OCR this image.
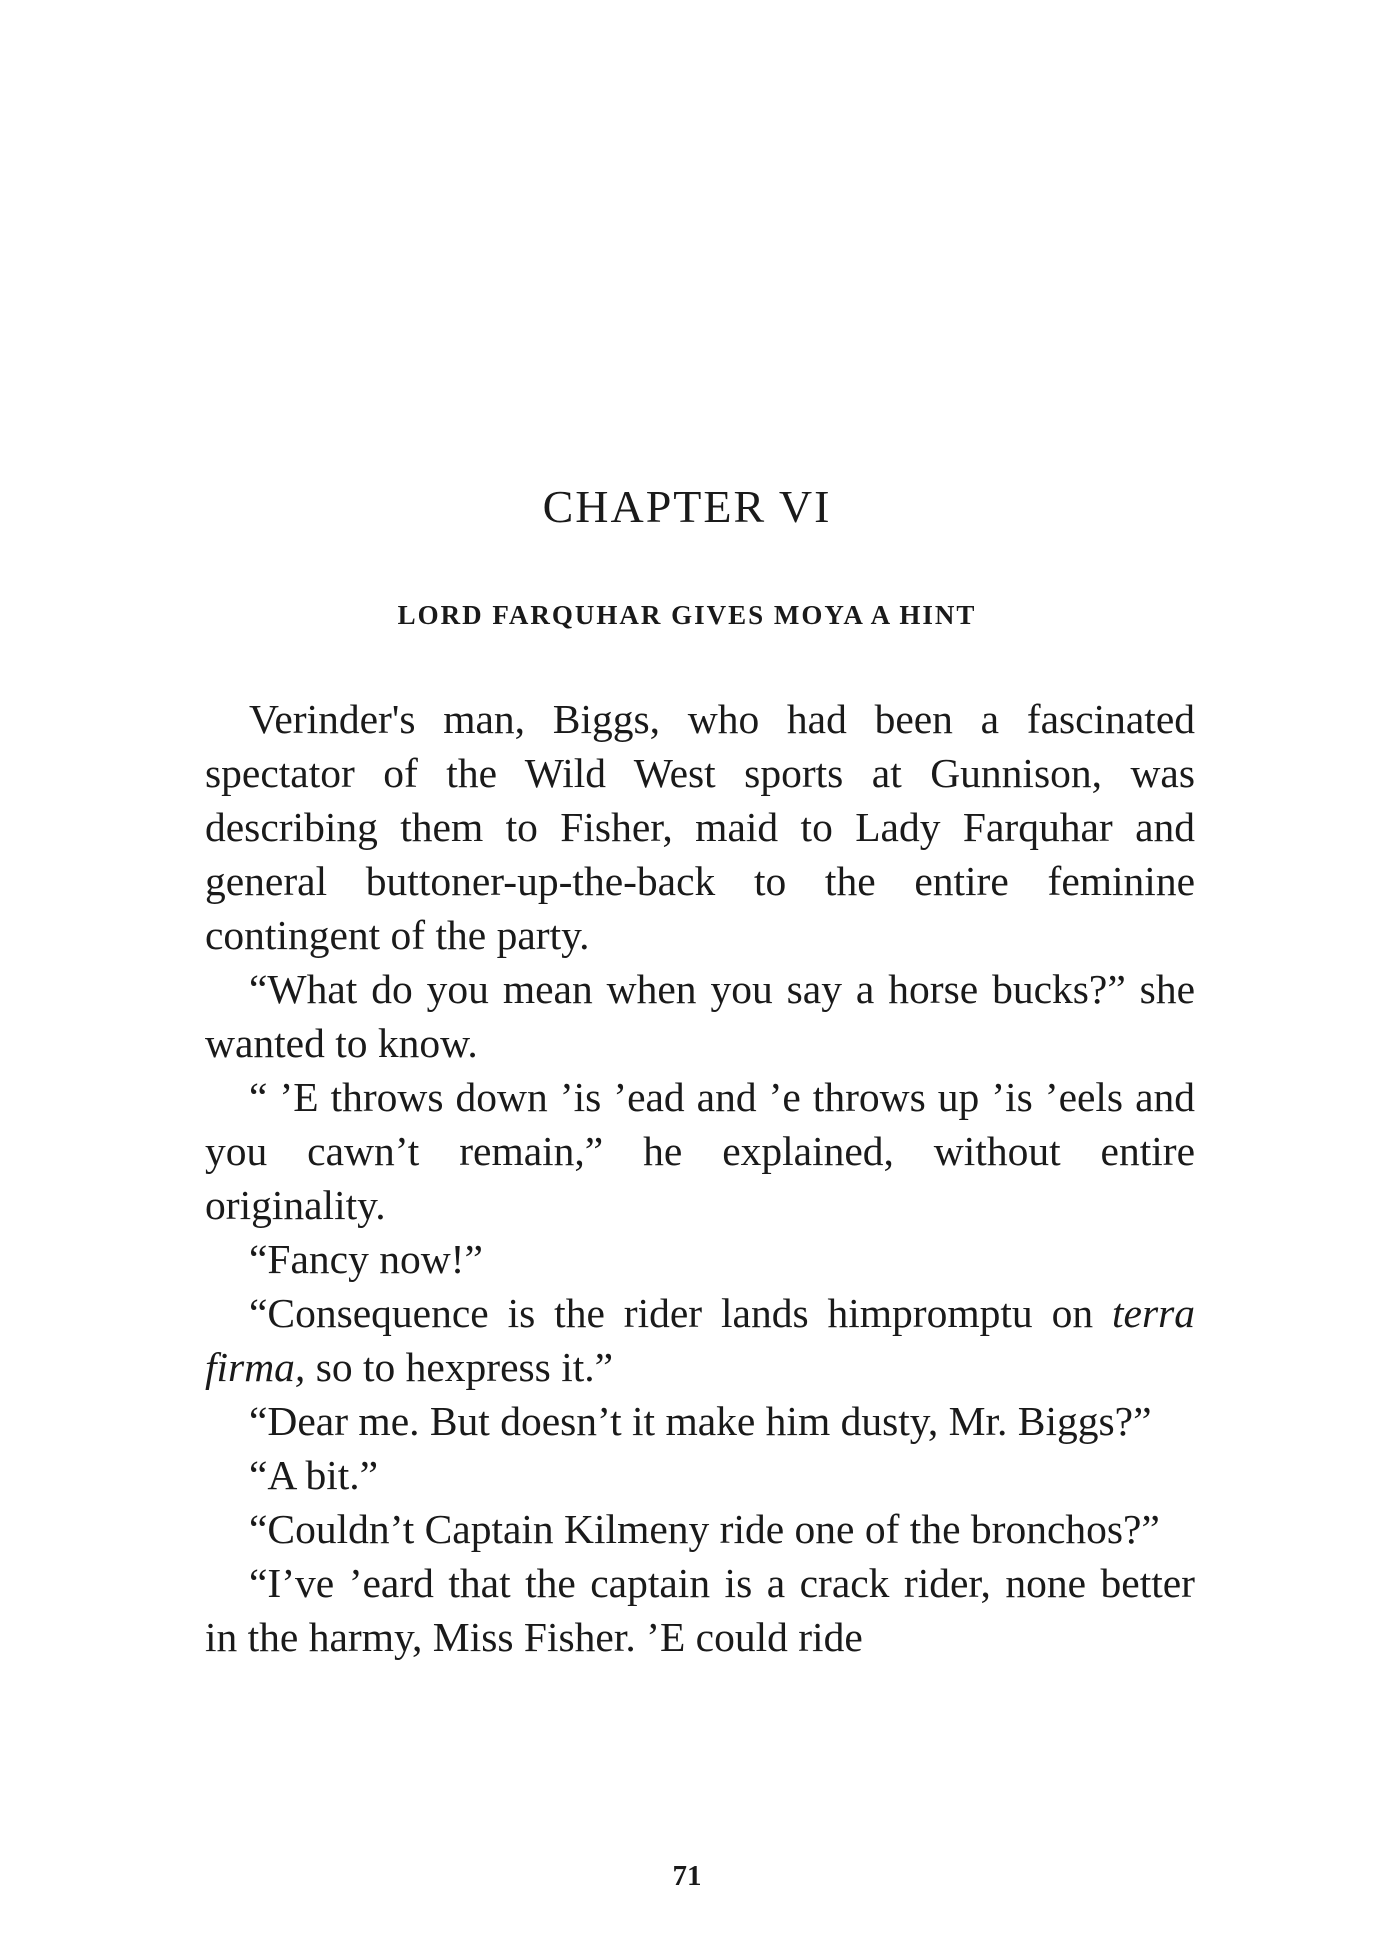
CHAPTER VI
LORD FARQUHAR GIVES MOYA A HINT

Verinder's man, Biggs, who had been a fascinated spectator of the Wild West sports at Gunnison, was describing them to Fisher, maid to Lady Farquhar and general buttoner-up-the-back to the entire feminine contingent of the party.

“What do you mean when you say a horse bucks?” she wanted to know.

“ ’E throws down ’is ’ead and ’e throws up ’is ’eels and you cawn’t remain,” he explained, without entire originality.

“Fancy now!”

“Consequence is the rider lands himpromptu on terra firma, so to hexpress it.”

“Dear me. But doesn’t it make him dusty, Mr. Biggs?”

“A bit.”

“Couldn’t Captain Kilmeny ride one of the bronchos?”

“I’ve ’eard that the captain is a crack rider, none better in the harmy, Miss Fisher. ’E could ride

71
